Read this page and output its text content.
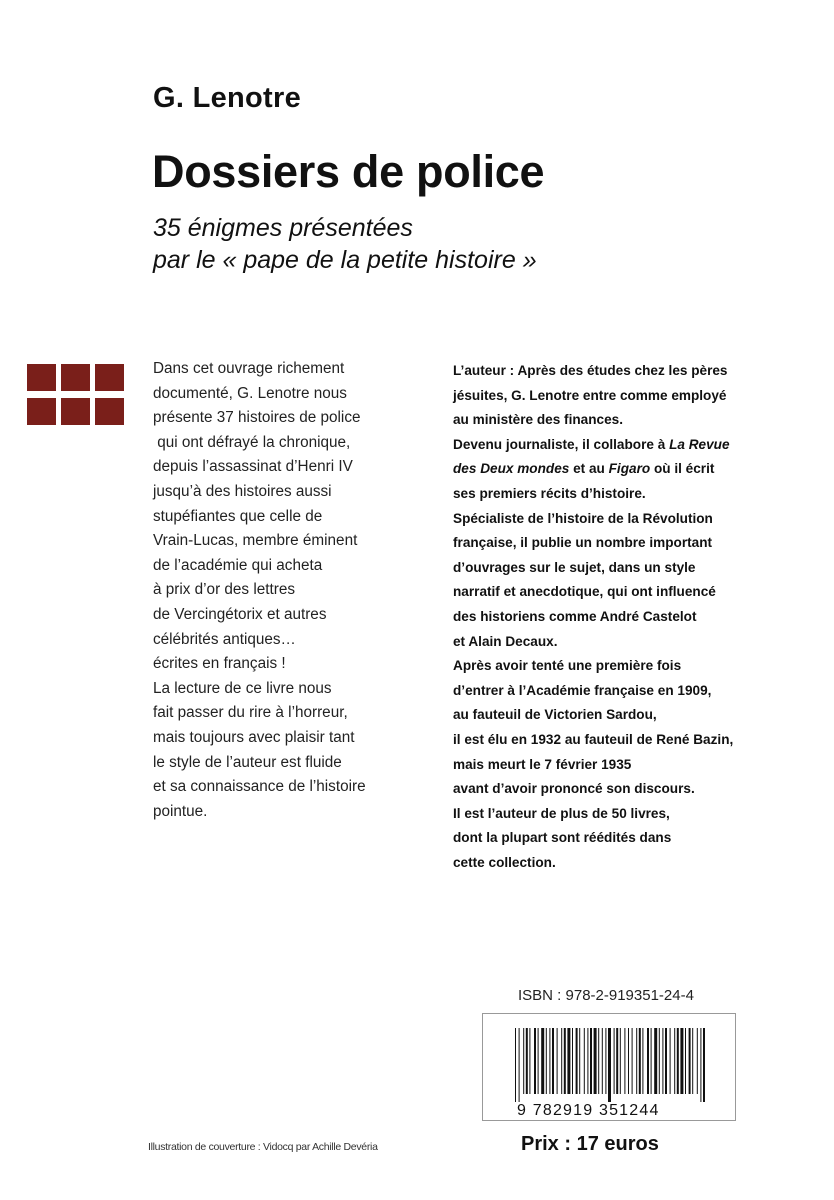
G. Lenotre
Dossiers de police
35 énigmes présentées
par le « pape de la petite histoire »
Dans cet ouvrage richement
documenté, G. Lenotre nous
présente 37 histoires de police
qui ont défrayé la chronique,
depuis l’assassinat d’Henri IV
jusqu’à des histoires aussi
stupéfiantes que celle de
Vrain-Lucas, membre éminent
de l’académie qui acheta
à prix d’or des lettres
de Vercingétorix et autres
célébrités antiques…
écrites en français !
La lecture de ce livre nous
fait passer du rire à l’horreur,
mais toujours avec plaisir tant
le style de l’auteur est fluide
et sa connaissance de l’histoire
pointue.
L’auteur : Après des études chez les pères
jésuites, G. Lenotre entre comme employé
au ministère des finances.
Devenu journaliste, il collabore à La Revue
des Deux mondes et au Figaro où il écrit
ses premiers récits d’histoire.
Spécialiste de l’histoire de la Révolution
française, il publie un nombre important
d’ouvrages sur le sujet, dans un style
narratif et anecdotique, qui ont influencé
des historiens comme André Castelot
et Alain Decaux.
Après avoir tenté une première fois
d’entrer à l’Académie française en 1909,
au fauteuil de Victorien Sardou,
il est élu en 1932 au fauteuil de René Bazin,
mais meurt le 7 février 1935
avant d’avoir prononcé son discours.
Il est l’auteur de plus de 50 livres,
dont la plupart sont réédités dans
cette collection.
ISBN : 978-2-919351-24-4
9 782919 351244
Prix : 17 euros
Illustration de couverture : Vidocq par Achille Devéria
